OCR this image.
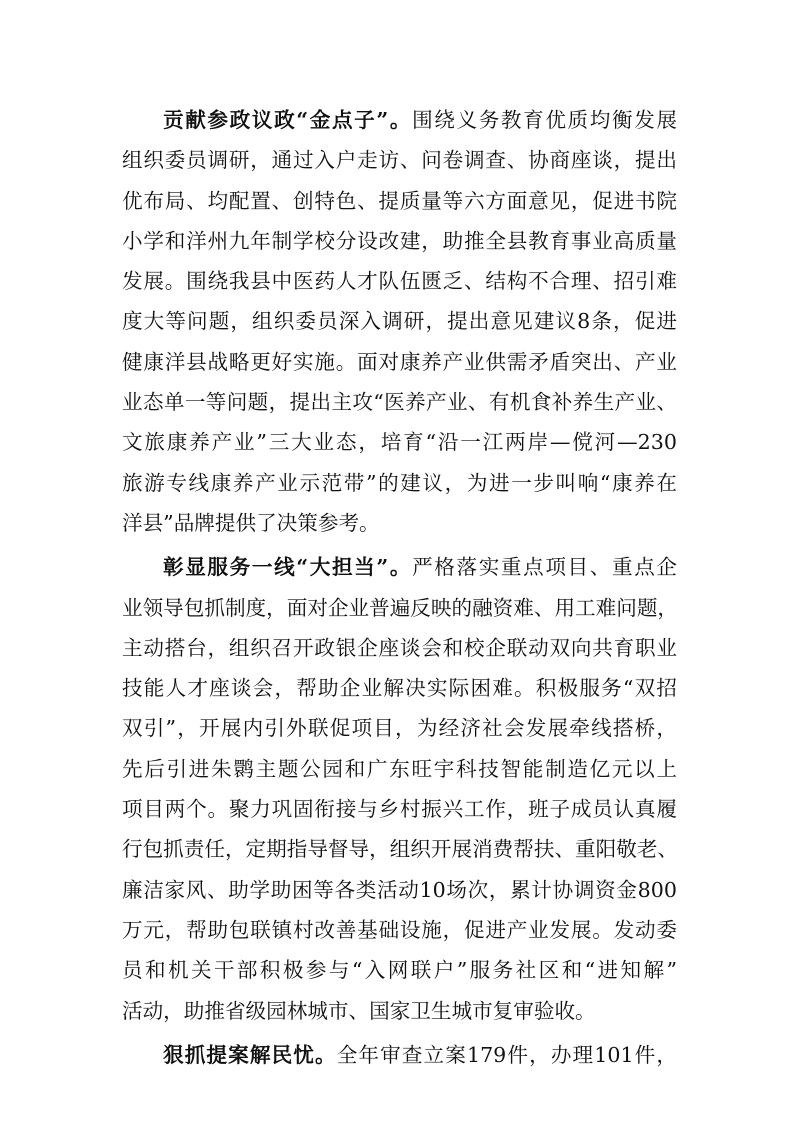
贡献参政议政“金点子”。围绕义务教育优质均衡发展
组织委员调研，通过入户走访、问卷调查、协商座谈，提出
优布局、均配置、创特色、提质量等六方面意见，促进书院
小学和洋州九年制学校分设改建，助推全县教育事业高质量
发展。围绕我县中医药人才队伍匮乏、结构不合理、招引难
度大等问题，组织委员深入调研，提出意见建议8条，促进
健康洋县战略更好实施。面对康养产业供需矛盾突出、产业
业态单一等问题，提出主攻“医养产业、有机食补养生产业、
文旅康养产业”三大业态，培育“沿一江两岸—傥河—230
旅游专线康养产业示范带”的建议，为进一步叫响“康养在
洋县”品牌提供了决策参考。
彰显服务一线“大担当”。严格落实重点项目、重点企
业领导包抓制度，面对企业普遍反映的融资难、用工难问题，
主动搭台，组织召开政银企座谈会和校企联动双向共育职业
技能人才座谈会，帮助企业解决实际困难。积极服务“双招
双引”，开展内引外联促项目，为经济社会发展牵线搭桥，
先后引进朱鹮主题公园和广东旺宇科技智能制造亿元以上
项目两个。聚力巩固衔接与乡村振兴工作，班子成员认真履
行包抓责任，定期指导督导，组织开展消费帮扶、重阳敬老、
廉洁家风、助学助困等各类活动10场次，累计协调资金800
万元，帮助包联镇村改善基础设施，促进产业发展。发动委
员和机关干部积极参与“入网联户”服务社区和“进知解”
活动，助推省级园林城市、国家卫生城市复审验收。
狠抓提案解民忧。全年审查立案179件，办理101件，
